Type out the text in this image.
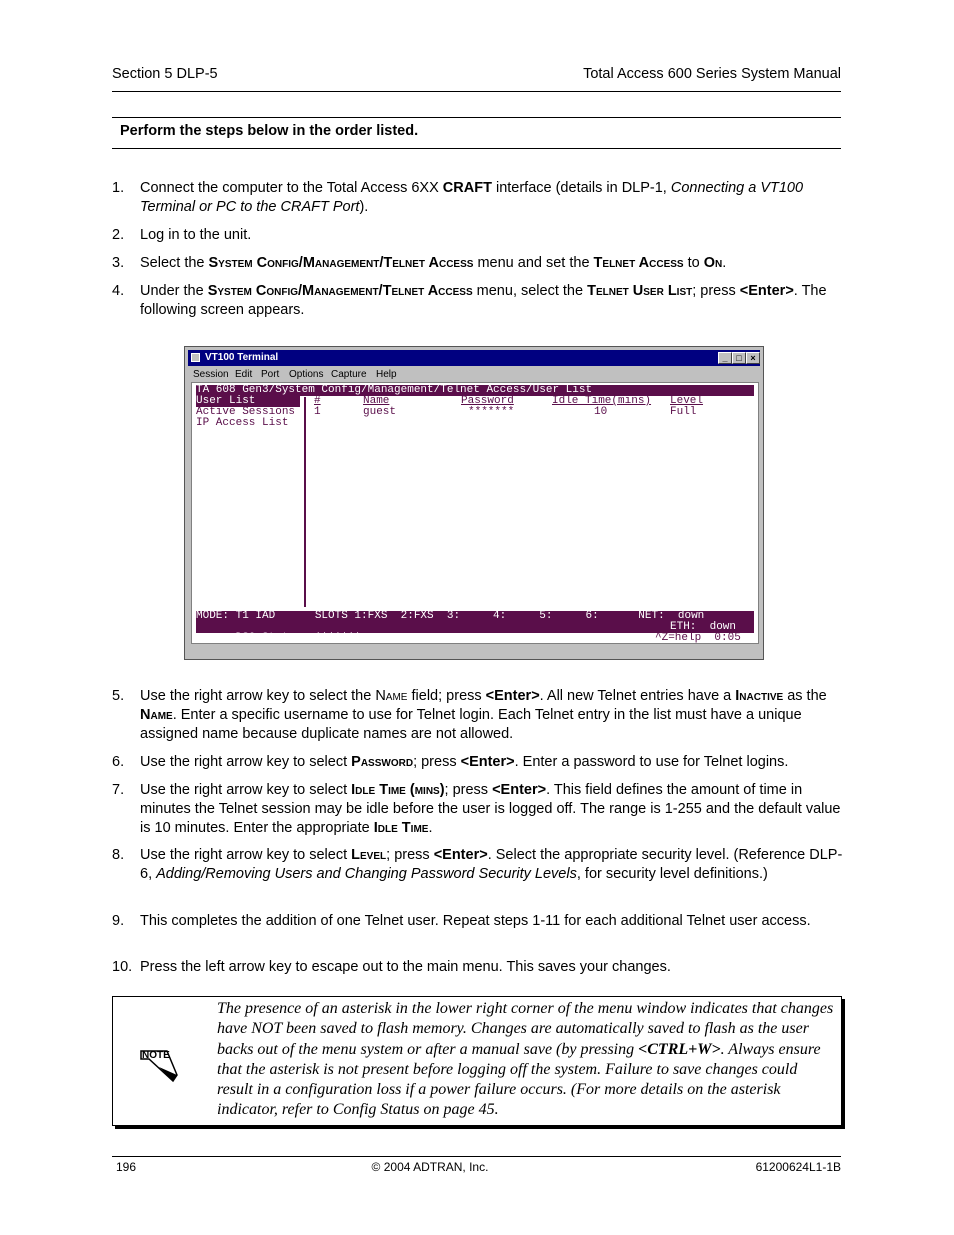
Section 5 DLP-5	Total Access 600 Series System Manual
Perform the steps below in the order listed.
1. Connect the computer to the Total Access 6XX CRAFT interface (details in DLP-1, Connecting a VT100 Terminal or PC to the CRAFT Port).
2. Log in to the unit.
3. Select the System Config/Management/Telnet Access menu and set the Telnet Access to On.
4. Under the System Config/Management/Telnet Access menu, select the Telnet User List; press <Enter>. The following screen appears.
VT100 Terminal	_ □ ×
Session Edit Port Options Capture Help
TA 608 Gen3/System Config/Management/Telnet Access/User List
User List
Active Sessions
IP Access List
#	Name	Password	Idle Time(mins) Level
1	guest	*******	10	Full
MODE: T1 IAD      SLOTS 1:FXS  2:FXS  3:     4:     5:     6:      NET:  down

DSO Status: *******----------------r

ETH:  down

^Z=help  0:05
5. Use the right arrow key to select the Name field; press <Enter>. All new Telnet entries have a Inactive as the Name. Enter a specific username to use for Telnet login. Each Telnet entry in the list must have a unique assigned name because duplicate names are not allowed.
6. Use the right arrow key to select Password; press <Enter>. Enter a password to use for Telnet logins.
7. Use the right arrow key to select Idle Time (mins); press <Enter>. This field defines the amount of time in minutes the Telnet session may be idle before the user is logged off. The range is 1-255 and the default value is 10 minutes. Enter the appropriate Idle Time.
8. Use the right arrow key to select Level; press <Enter>. Select the appropriate security level. (Reference DLP-6, Adding/Removing Users and Changing Password Security Levels, for security level definitions.)
9. This completes the addition of one Telnet user. Repeat steps 1-11 for each additional Telnet user access.
10. Press the left arrow key to escape out to the main menu. This saves your changes.
NOTE
The presence of an asterisk in the lower right corner of the menu window indicates that changes have NOT been saved to flash memory. Changes are automatically saved to flash as the user backs out of the menu system or after a manual save (by pressing <CTRL+W>. Always ensure that the asterisk is not present before logging off the system. Failure to save changes could result in a configuration loss if a power failure occurs. (For more details on the asterisk indicator, refer to Config Status on page 45.
196	© 2004 ADTRAN, Inc.	61200624L1-1B
